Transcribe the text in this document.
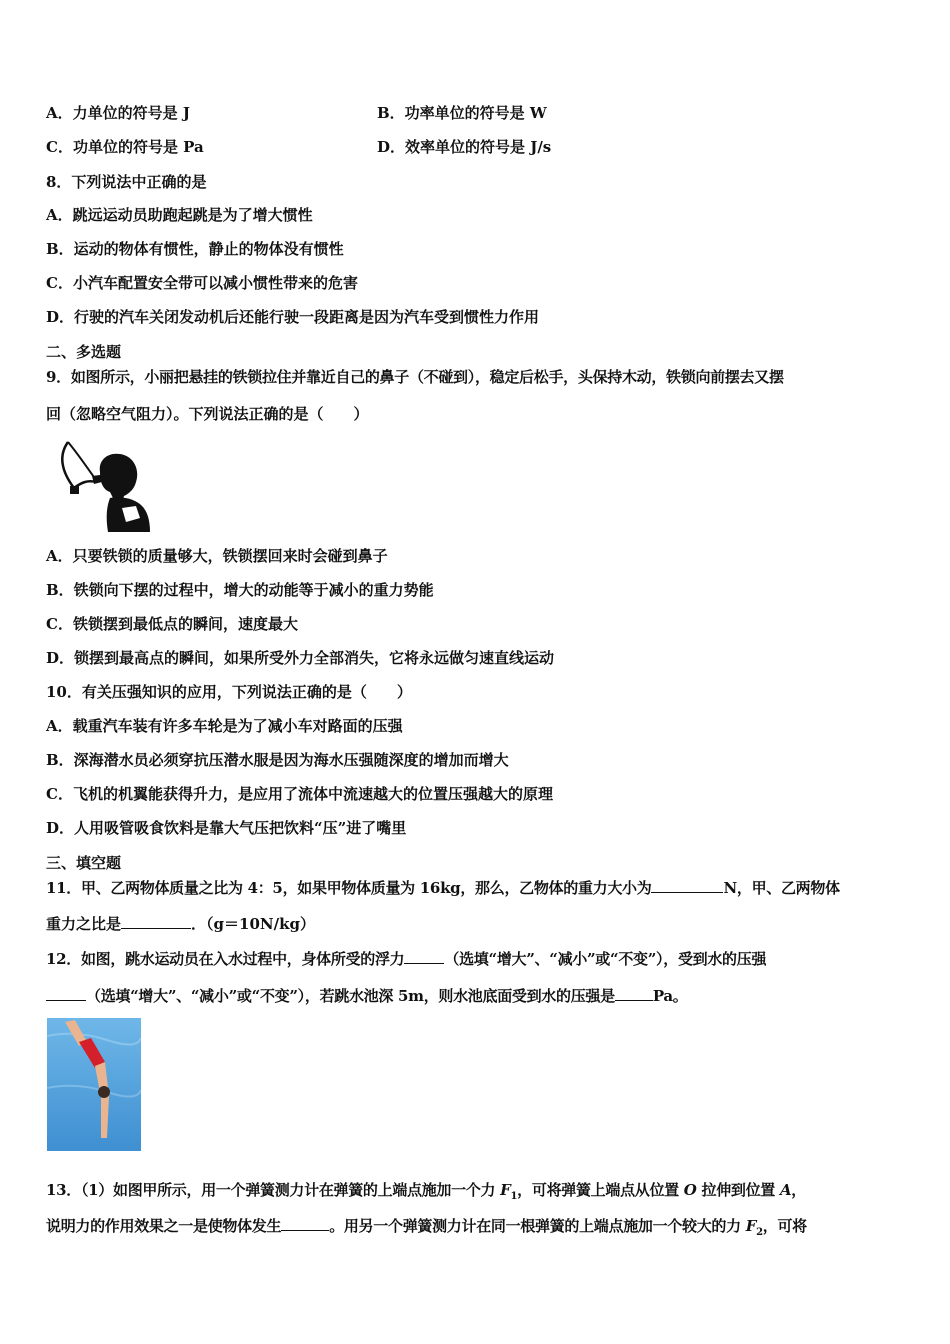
A．力单位的符号是 J	B．功率单位的符号是 W
C．功单位的符号是 Pa	D．效率单位的符号是 J/s
8．下列说法中正确的是
A．跳远运动员助跑起跳是为了增大惯性
B．运动的物体有惯性，静止的物体没有惯性
C．小汽车配置安全带可以减小惯性带来的危害
D．行驶的汽车关闭发动机后还能行驶一段距离是因为汽车受到惯性力作用
二、多选题
9．如图所示，小丽把悬挂的铁锁拉住并靠近自己的鼻子（不碰到），稳定后松手，头保持木动，铁锁向前摆去又摆
回（忽略空气阻力）。下列说法正确的是（　　）
A．只要铁锁的质量够大，铁锁摆回来时会碰到鼻子
B．铁锁向下摆的过程中，增大的动能等于减小的重力势能
C．铁锁摆到最低点的瞬间，速度最大
D．锁摆到最高点的瞬间，如果所受外力全部消失，它将永远做匀速直线运动
10．有关压强知识的应用，下列说法正确的是（　　）
A．载重汽车装有许多车轮是为了减小车对路面的压强
B．深海潜水员必须穿抗压潜水服是因为海水压强随深度的增加而增大
C．飞机的机翼能获得升力，是应用了流体中流速越大的位置压强越大的原理
D．人用吸管吸食饮料是靠大气压把饮料“压”进了嘴里
三、填空题
11．甲、乙两物体质量之比为 4：5，如果甲物体质量为 16kg，那么，乙物体的重力大小为	N，甲、乙两物体
重力之比是	．（g＝10N/kg）
12．如图，跳水运动员在入水过程中，身体所受的浮力	（选填“增大”、“减小”或“不变”），受到水的压强
（选填“增大”、“减小”或“不变”），若跳水池深 5m，则水池底面受到水的压强是	Pa。
13．（1）如图甲所示，用一个弹簧测力计在弹簧的上端点施加一个力 $F_1$，可将弹簧上端点从位置 O 拉伸到位置 A，
说明力的作用效果之一是使物体发生	。用另一个弹簧测力计在同一根弹簧的上端点施加一个较大的力 $F_2$，可将
